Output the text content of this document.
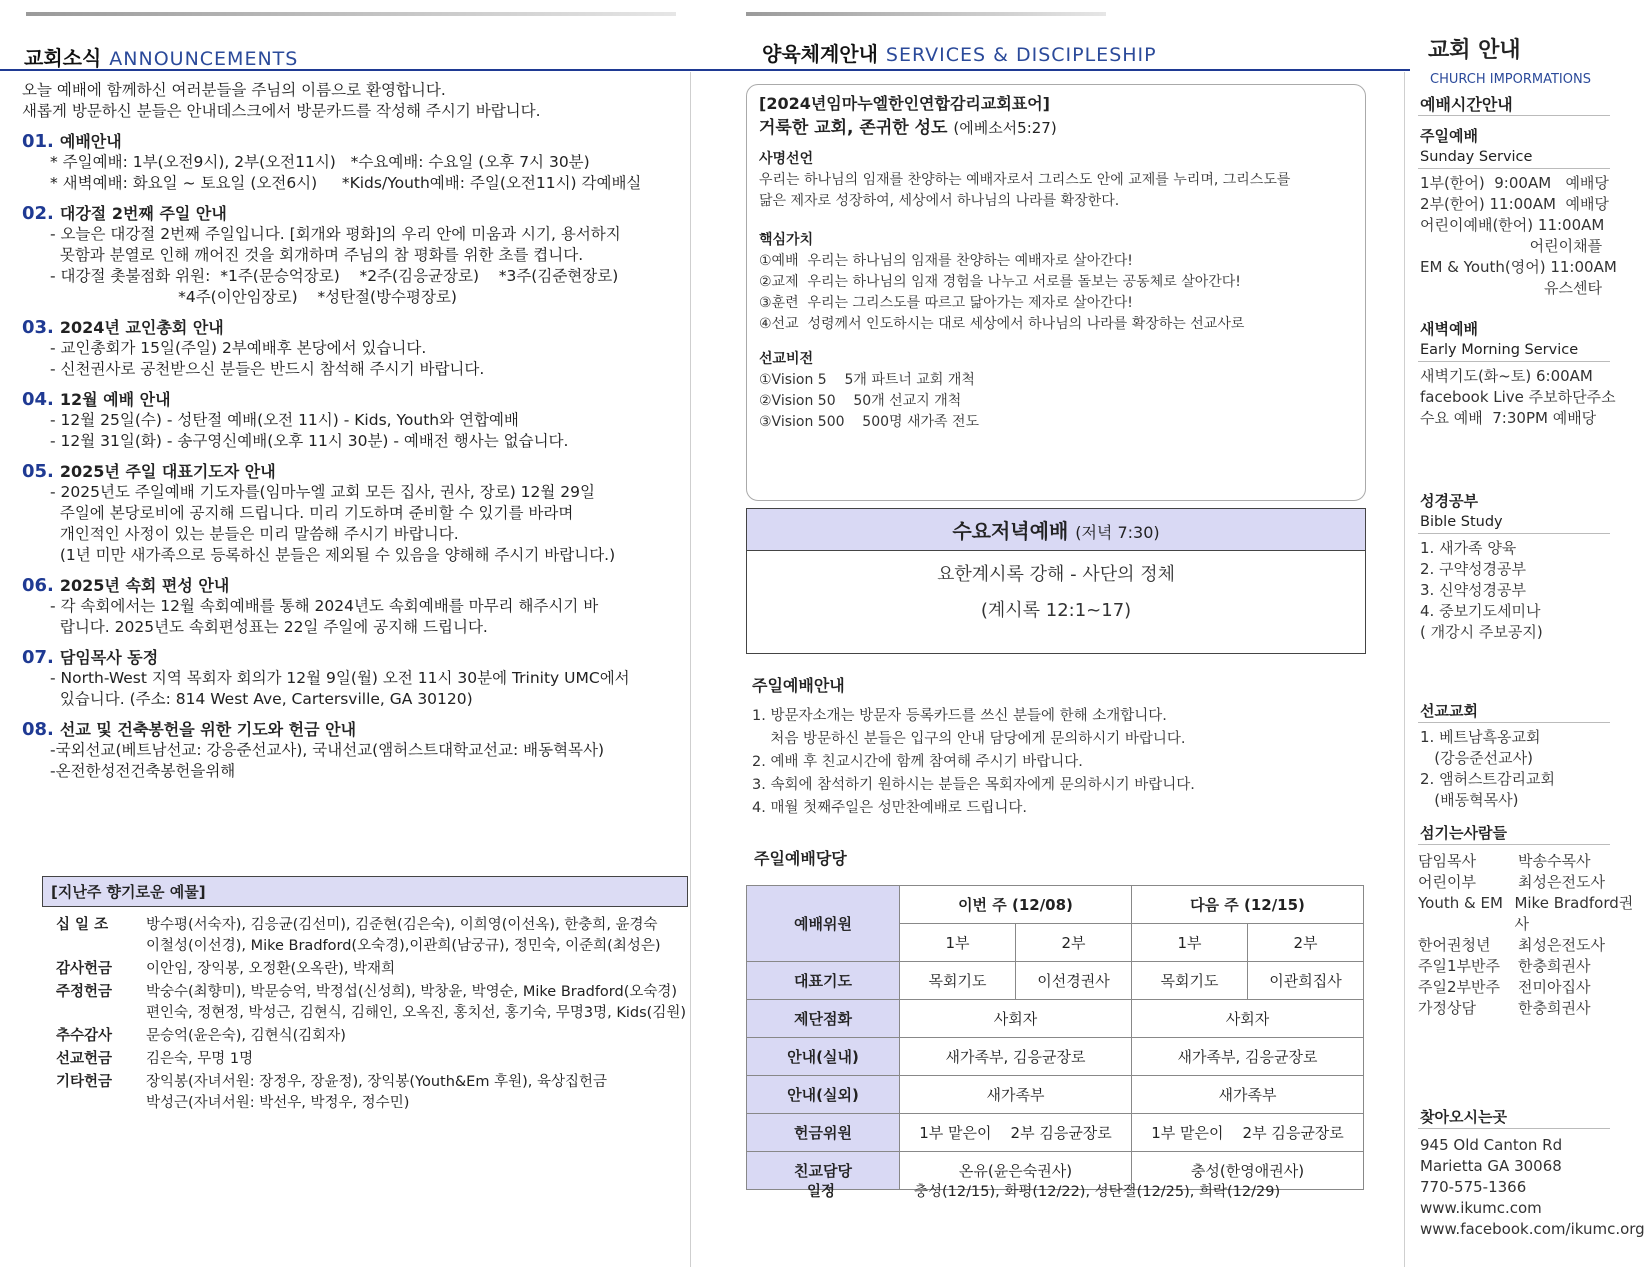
교회소식 ANNOUNCEMENTS	양육체계안내 SERVICES & DISCIPLESHIP

오늘 예배에 함께하신 여러분들을 주님의 이름으로 환영합니다.

새롭게 방문하신 분들은 안내데스크에서 방문카드를 작성해 주시기 바랍니다.

01. 예배안내
* 주일예배: 1부(오전9시), 2부(오전11시)   *수요예배: 수요일 (오후 7시 30분)
* 새벽예배: 화요일 ~ 토요일 (오전6시)     *Kids/Youth예배: 주일(오전11시) 각예배실
02. 대강절 2번째 주일 안내
- 오늘은 대강절 2번째 주일입니다. [회개와 평화]의 우리 안에 미움과 시기, 용서하지
못함과 분열로 인해 깨어진 것을 회개하며 주님의 참 평화를 위한 초를 켭니다.
- 대강절 촛불점화 위원:  *1주(문승억장로)    *2주(김응균장로)    *3주(김준현장로)
*4주(이안임장로)    *성탄절(방수평장로)
03. 2024년 교인총회 안내
- 교인총회가 15일(주일) 2부예배후 본당에서 있습니다.
- 신천권사로 공천받으신 분들은 반드시 참석해 주시기 바랍니다.
04. 12월 예배 안내
- 12월 25일(수) - 성탄절 예배(오전 11시) - Kids, Youth와 연합예배
- 12월 31일(화) - 송구영신예배(오후 11시 30분) - 예배전 행사는 없습니다.
05. 2025년 주일 대표기도자 안내
- 2025년도 주일예배 기도자를(임마누엘 교회 모든 집사, 권사, 장로) 12월 29일
주일에 본당로비에 공지해 드립니다. 미리 기도하며 준비할 수 있기를 바라며
개인적인 사정이 있는 분들은 미리 말씀해 주시기 바랍니다.
(1년 미만 새가족으로 등록하신 분들은 제외될 수 있음을 양해해 주시기 바랍니다.)
06. 2025년 속회 편성 안내
- 각 속회에서는 12월 속회예배를 통해 2024년도 속회예배를 마무리 해주시기 바
랍니다. 2025년도 속회편성표는 22일 주일에 공지해 드립니다.
07. 담임목사 동정
- North-West 지역 목회자 회의가 12월 9일(월) 오전 11시 30분에 Trinity UMC에서
있습니다. (주소: 814 West Ave, Cartersville, GA 30120)
08. 선교 및 건축봉헌을 위한 기도와 헌금 안내
-국외선교(베트남선교: 강응준선교사), 국내선교(앰허스트대학교선교: 배동혁목사)
-온전한성전건축봉헌을위해
[지난주 향기로운 예물]
십 일 조	방수평(서숙자), 김응균(김선미), 김준현(김은숙), 이희영(이선옥), 한충희, 윤경숙
이철성(이선경), Mike Bradford(오숙경),이관희(남궁규), 정민숙, 이준희(최성은)
감사헌금	이안임, 장익봉, 오정환(오옥란), 박재희
주정헌금	박숭수(최향미), 박문승억, 박정섭(신성희), 박창윤, 박영순, Mike Bradford(오숙경)
편인숙, 정현정, 박성근, 김현식, 김해인, 오옥진, 홍치선, 홍기숙, 무명3명, Kids(김원)
추수감사	문승억(윤은숙), 김현식(김회자)
선교헌금	김은숙, 무명 1명
기타헌금	장익봉(자녀서원: 장정우, 장윤정), 장익봉(Youth&Em 후원), 육상집헌금
박성근(자녀서원: 박선우, 박정우, 정수민)
[2024년임마누엘한인연합감리교회표어]
거룩한 교회, 존귀한 성도 (에베소서5:27)
사명선언
우리는 하나님의 임재를 찬양하는 예배자로서 그리스도 안에 교제를 누리며, 그리스도를
닮은 제자로 성장하여, 세상에서 하나님의 나라를 확장한다.
핵심가치
①예배  우리는 하나님의 임재를 찬양하는 예배자로 살아간다!
②교제  우리는 하나님의 임재 경험을 나누고 서로를 돌보는 공동체로 살아간다!
③훈련  우리는 그리스도를 따르고 닮아가는 제자로 살아간다!
④선교  성령께서 인도하시는 대로 세상에서 하나님의 나라를 확장하는 선교사로
선교비전
①Vision 5    5개 파트너 교회 개척
②Vision 50    50개 선교지 개척
③Vision 500    500명 새가족 전도
수요저녁예배 (저녁 7:30)
요한계시록 강해 - 사단의 정체
(계시록 12:1~17)
주일예배안내
1. 방문자소개는 방문자 등록카드를 쓰신 분들에 한해 소개합니다.
처음 방문하신 분들은 입구의 안내 담당에게 문의하시기 바랍니다.
2. 예배 후 친교시간에 함께 참여해 주시기 바랍니다.
3. 속회에 참석하기 원하시는 분들은 목회자에게 문의하시기 바랍니다.
4. 매월 첫째주일은 성만찬예배로 드립니다.
주일예배당당
예배위원	이번 주 (12/08)		다음 주 (12/15)	
	1부	2부	1부	2부
대표기도	목회기도	이선경권사	목회기도	이관희집사
제단점화	사회자		사회자	
안내(실내)	새가족부, 김응균장로		새가족부, 김응균장로	
안내(실외)	새가족부		새가족부	
헌금위원	1부 맡은이    2부 김응균장로		1부 맡은이    2부 김응균장로	
친교담당	온유(윤은숙권사)		충성(한영애권사)	
일정	충성(12/15), 화평(12/22), 성탄절(12/25), 희락(12/29)
교회 안내
CHURCH IMPORMATIONS
예배시간안내
주일예배
Sunday Service
1부(한어)  9:00AM   예배당
2부(한어) 11:00AM  예배당
어린이예배(한어) 11:00AM
어린이채플
EM & Youth(영어) 11:00AM
유스센타
새벽예배
Early Morning Service
새벽기도(화~토) 6:00AM
facebook Live 주보하단주소
수요 예배  7:30PM 예배당
성경공부
Bible Study
1. 새가족 양육
2. 구약성경공부
3. 신약성경공부
4. 중보기도세미나
( 개강시 주보공지)
선교교회
1. 베트남흑옹교회
(강응준선교사)
2. 앰허스트감리교회
(배동혁목사)
섬기는사람들
담임목사	박송수목사
어린이부	최성은전도사
Youth & EM Mike Bradford권사
한어권청년	최성은전도사
주일1부반주	한충희권사
주일2부반주	전미아집사
가정상담	한충희권사
찾아오시는곳
945 Old Canton Rd
Marietta GA 30068
770-575-1366
www.ikumc.com
www.facebook.com/ikumc.org
